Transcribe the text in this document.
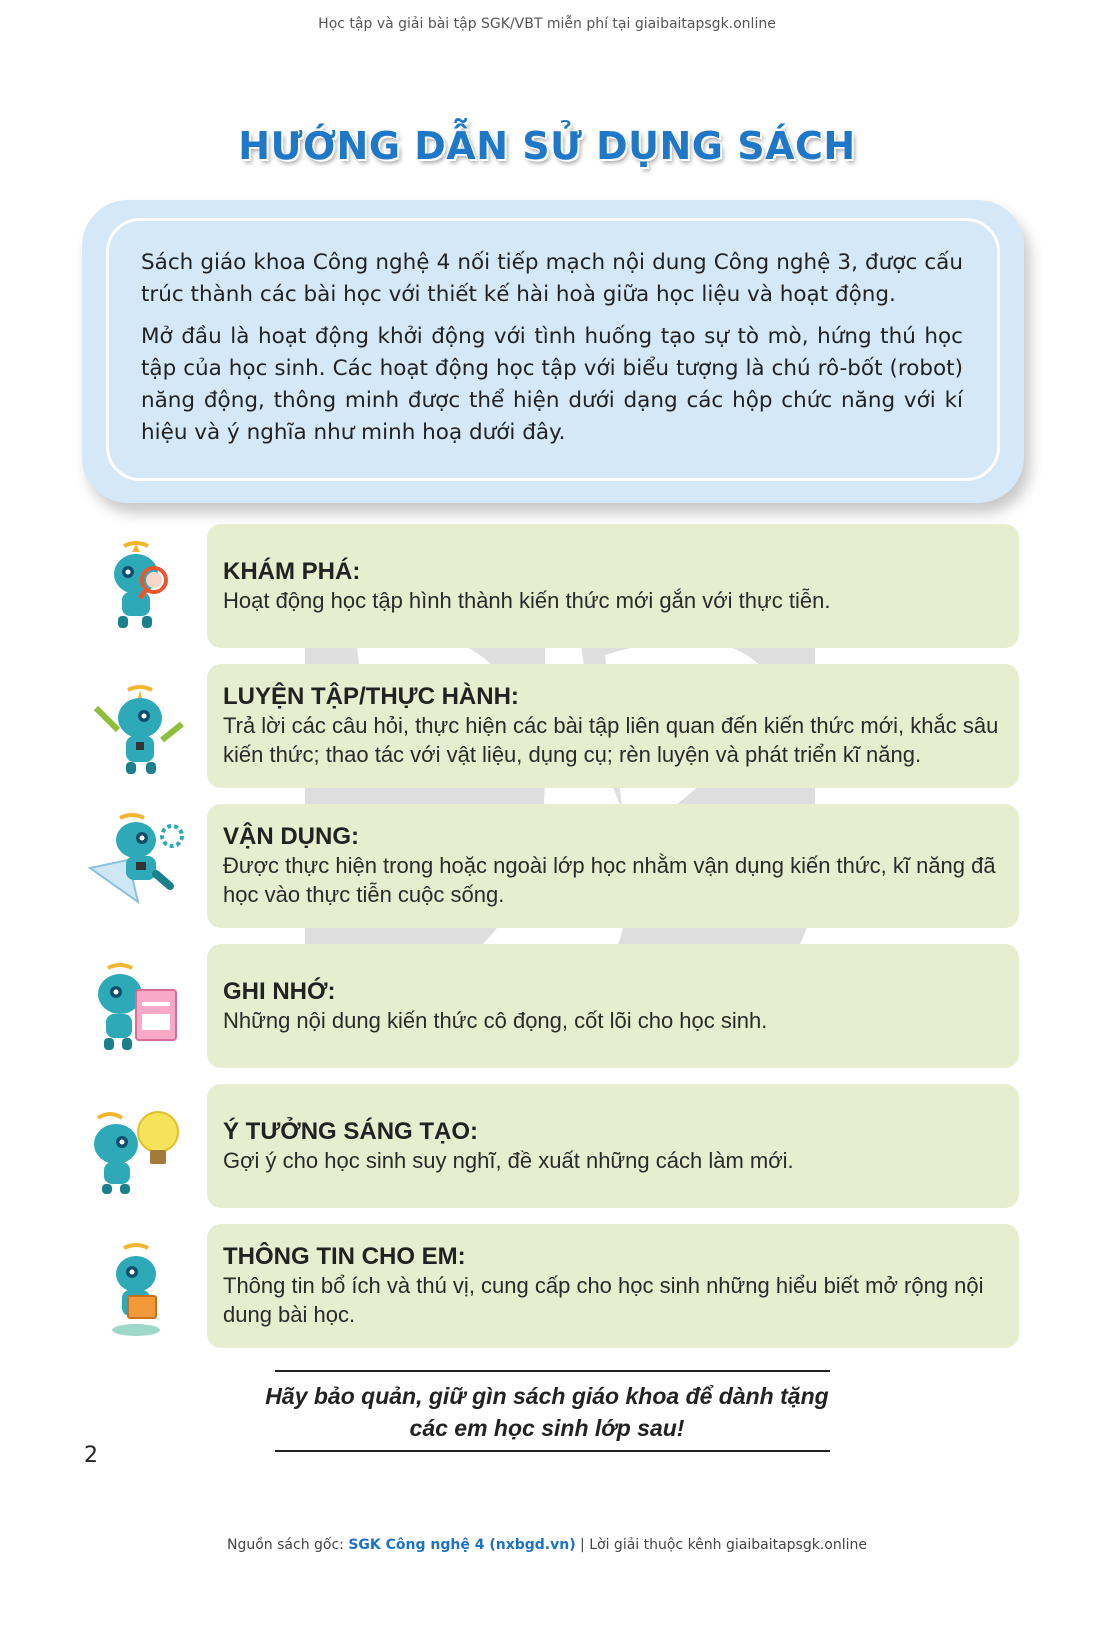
Học tập và giải bài tập SGK/VBT miễn phí tại giaibaitapsgk.online
HƯỚNG DẪN SỬ DỤNG SÁCH

Sách giáo khoa Công nghệ 4 nối tiếp mạch nội dung Công nghệ 3, được cấu trúc thành các bài học với thiết kế hài hoà giữa học liệu và hoạt động.

Mở đầu là hoạt động khởi động với tình huống tạo sự tò mò, hứng thú học tập của học sinh. Các hoạt động học tập với biểu tượng là chú rô-bốt (robot) năng động, thông minh được thể hiện dưới dạng các hộp chức năng với kí hiệu và ý nghĩa như minh hoạ dưới đây.

KHÁM PHÁ:
Hoạt động học tập hình thành kiến thức mới gắn với thực tiễn.
LUYỆN TẬP/THỰC HÀNH:
Trả lời các câu hỏi, thực hiện các bài tập liên quan đến kiến thức mới, khắc sâu kiến thức; thao tác với vật liệu, dụng cụ; rèn luyện và phát triển kĩ năng.
VẬN DỤNG:
Được thực hiện trong hoặc ngoài lớp học nhằm vận dụng kiến thức, kĩ năng đã học vào thực tiễn cuộc sống.
GHI NHỚ:
Những nội dung kiến thức cô đọng, cốt lõi cho học sinh.
Ý TƯỞNG SÁNG TẠO:
Gợi ý cho học sinh suy nghĩ, đề xuất những cách làm mới.
THÔNG TIN CHO EM:
Thông tin bổ ích và thú vị, cung cấp cho học sinh những hiểu biết mở rộng nội dung bài học.
Hãy bảo quản, giữ gìn sách giáo khoa để dành tặng
các em học sinh lớp sau!
2
Nguồn sách gốc: SGK Công nghệ 4 (nxbgd.vn) | Lời giải thuộc kênh giaibaitapsgk.online
